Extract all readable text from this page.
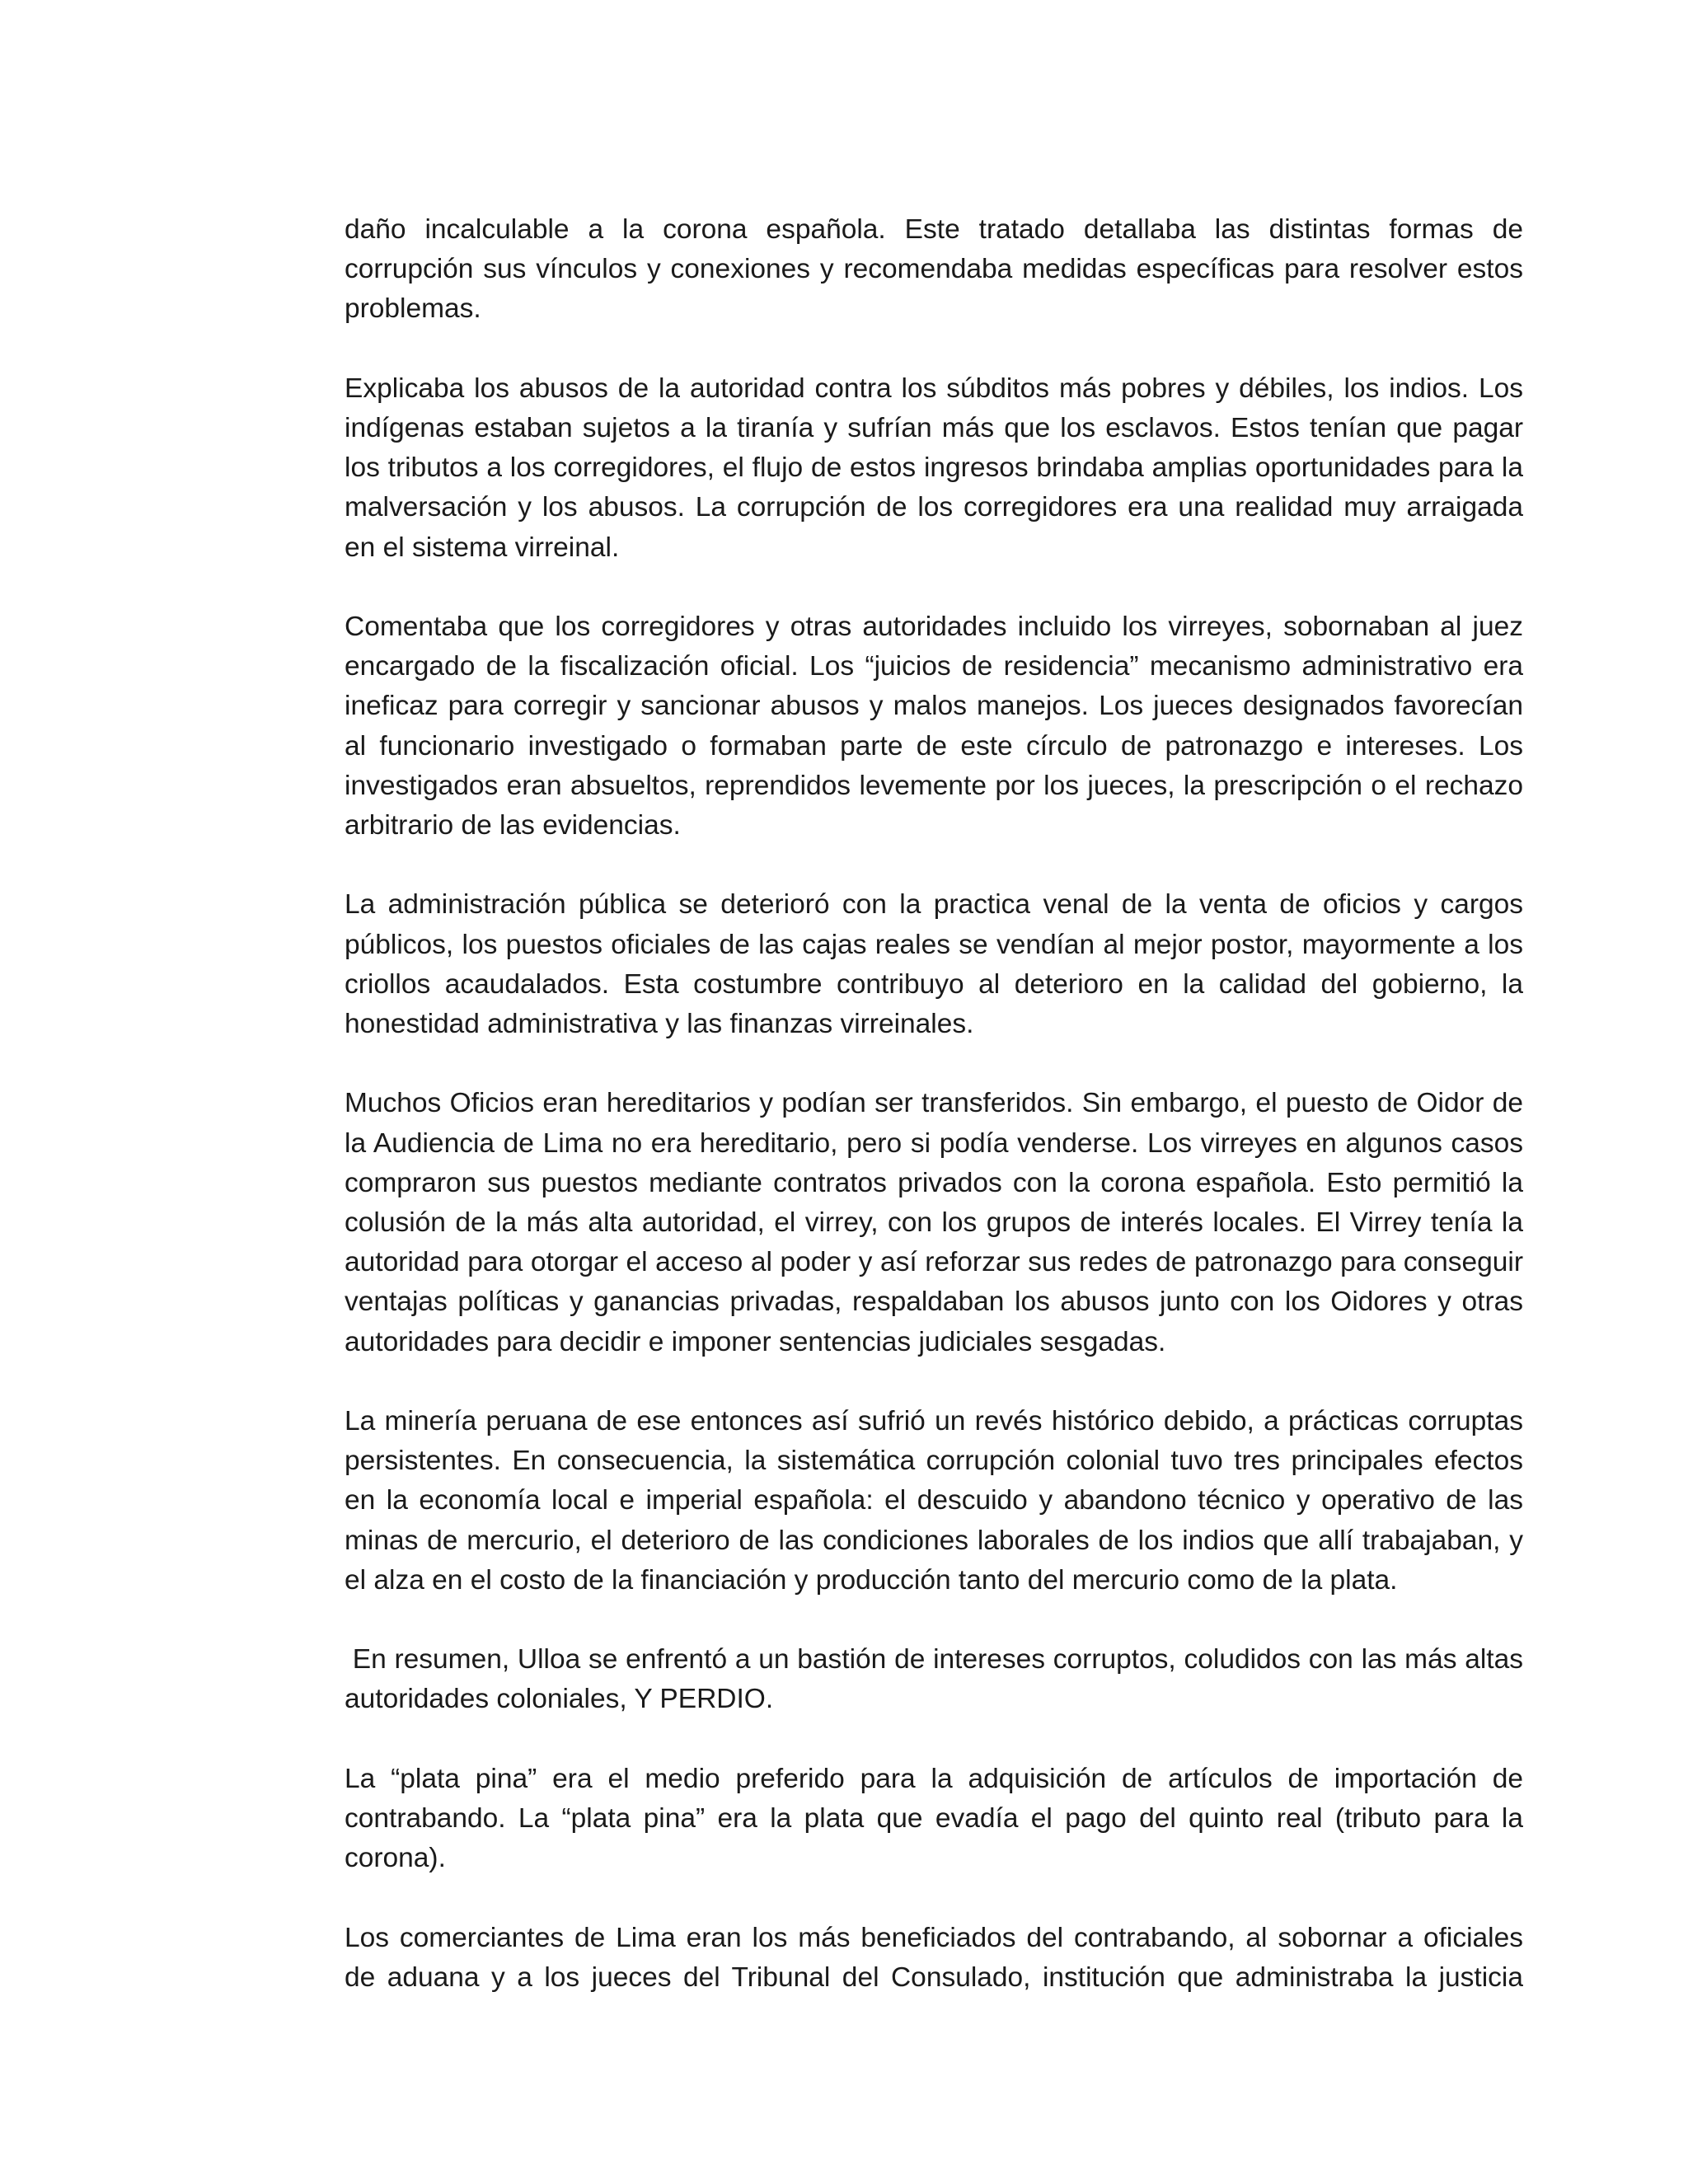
daño incalculable a la corona española. Este tratado detallaba las distintas formas de corrupción sus vínculos y conexiones y recomendaba medidas específicas para resolver estos problemas.

Explicaba los abusos de la autoridad contra los súbditos más pobres y débiles, los indios. Los indígenas estaban sujetos a la tiranía y sufrían más que los esclavos. Estos tenían que pagar los tributos a los corregidores, el flujo de estos ingresos brindaba amplias oportunidades para la malversación y los abusos. La corrupción de los corregidores era una realidad muy arraigada en el sistema virreinal.

Comentaba que los corregidores y otras autoridades incluido los virreyes, sobornaban al juez encargado de la fiscalización oficial. Los “juicios de residencia” mecanismo administrativo era ineficaz para corregir y sancionar abusos y malos manejos. Los jueces designados favorecían al funcionario investigado o formaban parte de este círculo de patronazgo e intereses. Los investigados eran absueltos, reprendidos levemente por los jueces, la prescripción o el rechazo arbitrario de las evidencias.

La administración pública se deterioró con la practica venal de la venta de oficios y cargos públicos, los puestos oficiales de las cajas reales se vendían al mejor postor, mayormente a los criollos acaudalados. Esta costumbre contribuyo al deterioro en la calidad del gobierno, la honestidad administrativa y las finanzas virreinales.

Muchos Oficios eran hereditarios y podían ser transferidos. Sin embargo, el puesto de Oidor de la Audiencia de Lima no era hereditario, pero si podía venderse. Los virreyes en algunos casos compraron sus puestos mediante contratos privados con la corona española. Esto permitió la colusión de la más alta autoridad, el virrey, con los grupos de interés locales. El Virrey tenía la autoridad para otorgar el acceso al poder y así reforzar sus redes de patronazgo para conseguir ventajas políticas y ganancias privadas, respaldaban los abusos junto con los Oidores y otras autoridades para decidir e imponer sentencias judiciales sesgadas.

La minería peruana de ese entonces así sufrió un revés histórico debido, a prácticas corruptas persistentes. En consecuencia, la sistemática corrupción colonial tuvo tres principales efectos en la economía local e imperial española: el descuido y abandono técnico y operativo de las minas de mercurio, el deterioro de las condiciones laborales de los indios que allí trabajaban, y el alza en el costo de la financiación y producción tanto del mercurio como de la plata.

En resumen, Ulloa se enfrentó a un bastión de intereses corruptos, coludidos con las más altas autoridades coloniales, Y PERDIO.

La “plata pina” era el medio preferido para la adquisición de artículos de importación de contrabando. La “plata pina” era la plata que evadía el pago del quinto real (tributo para la corona).

Los comerciantes de Lima eran los más beneficiados del contrabando, al sobornar a oficiales de aduana y a los jueces del Tribunal del Consulado, institución que administraba la justicia
